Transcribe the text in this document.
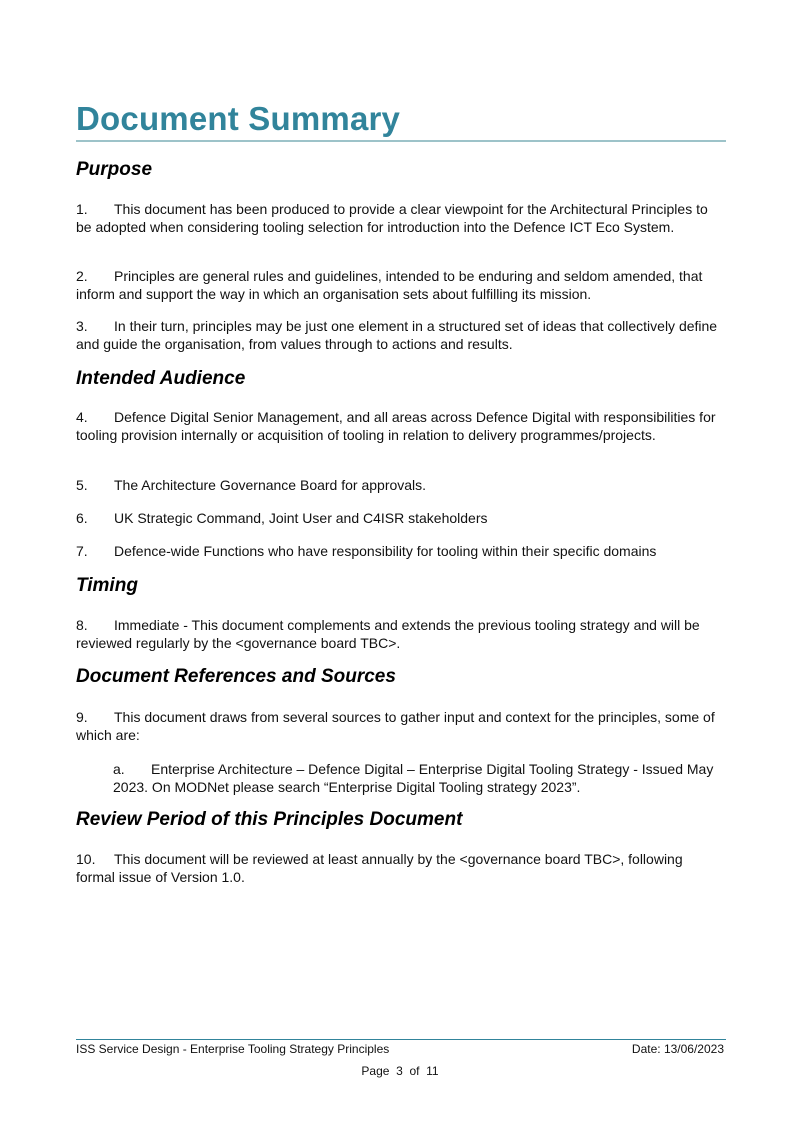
Document Summary
Purpose

1. This document has been produced to provide a clear viewpoint for the Architectural Principles to be adopted when considering tooling selection for introduction into the Defence ICT Eco System.

2. Principles are general rules and guidelines, intended to be enduring and seldom amended, that inform and support the way in which an organisation sets about fulfilling its mission.

3. In their turn, principles may be just one element in a structured set of ideas that collectively define and guide the organisation, from values through to actions and results.

Intended Audience

4. Defence Digital Senior Management, and all areas across Defence Digital with responsibilities for tooling provision internally or acquisition of tooling in relation to delivery programmes/projects.

5. The Architecture Governance Board for approvals.

6. UK Strategic Command, Joint User and C4ISR stakeholders

7. Defence-wide Functions who have responsibility for tooling within their specific domains

Timing

8. Immediate - This document complements and extends the previous tooling strategy and will be reviewed regularly by the <governance board TBC>.

Document References and Sources

9. This document draws from several sources to gather input and context for the principles, some of which are:

a. Enterprise Architecture – Defence Digital – Enterprise Digital Tooling Strategy - Issued May 2023. On MODNet please search “Enterprise Digital Tooling strategy 2023”.

Review Period of this Principles Document

10. This document will be reviewed at least annually by the <governance board TBC>, following formal issue of Version 1.0.

ISS Service Design - Enterprise Tooling Strategy Principles	Date: 13/06/2023
Page  3  of  11
